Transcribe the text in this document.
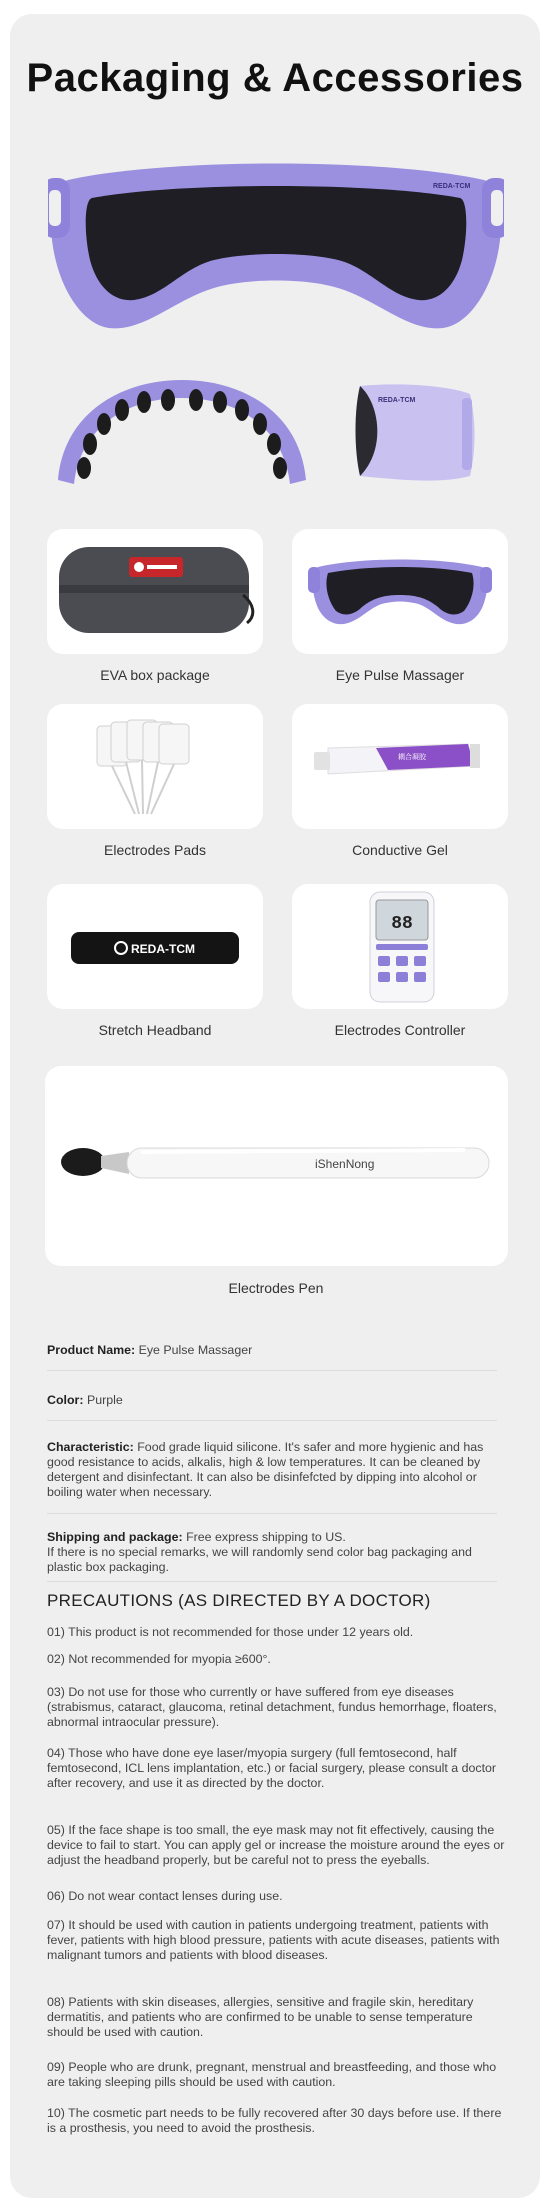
Packaging & Accessories
REDA-TCM
REDA-TCM
EVA box package	Eye Pulse Massager
耦合凝胶
Electrodes Pads	Conductive Gel
REDA-TCM
88
Stretch Headband	Electrodes Controller
iShenNong
Electrodes Pen
Product Name: Eye Pulse Massager
Color: Purple
Characteristic: Food grade liquid silicone. It's safer and more hygienic and has good resistance to acids, alkalis, high & low temperatures. It can be cleaned by detergent and disinfectant. It can also be disinfefcted by dipping into alcohol or boiling water when necessary.
Shipping and package: Free express shipping to US.
If there is no special remarks, we will randomly send color bag packaging and plastic box packaging.
PRECAUTIONS (AS DIRECTED BY A DOCTOR)
01) This product is not recommended for those under 12 years old.
02) Not recommended for myopia ≥600°.
03) Do not use for those who currently or have suffered from eye diseases (strabismus, cataract, glaucoma, retinal detachment, fundus hemorrhage, floaters, abnormal intraocular pressure).
04) Those who have done eye laser/myopia surgery (full femtosecond, half femtosecond, ICL lens implantation, etc.) or facial surgery, please consult a doctor after recovery, and use it as directed by the doctor.
05) If the face shape is too small, the eye mask may not fit effectively, causing the device to fail to start. You can apply gel or increase the moisture around the eyes or adjust the headband properly, but be careful not to press the eyeballs.
06) Do not wear contact lenses during use.
07) It should be used with caution in patients undergoing treatment, patients with fever, patients with high blood pressure, patients with acute diseases, patients with malignant tumors and patients with blood diseases.
08) Patients with skin diseases, allergies, sensitive and fragile skin, hereditary dermatitis, and patients who are confirmed to be unable to sense temperature should be used with caution.
09) People who are drunk, pregnant, menstrual and breastfeeding, and those who are taking sleeping pills should be used with caution.
10) The cosmetic part needs to be fully recovered after 30 days before use. If there is a prosthesis, you need to avoid the prosthesis.
